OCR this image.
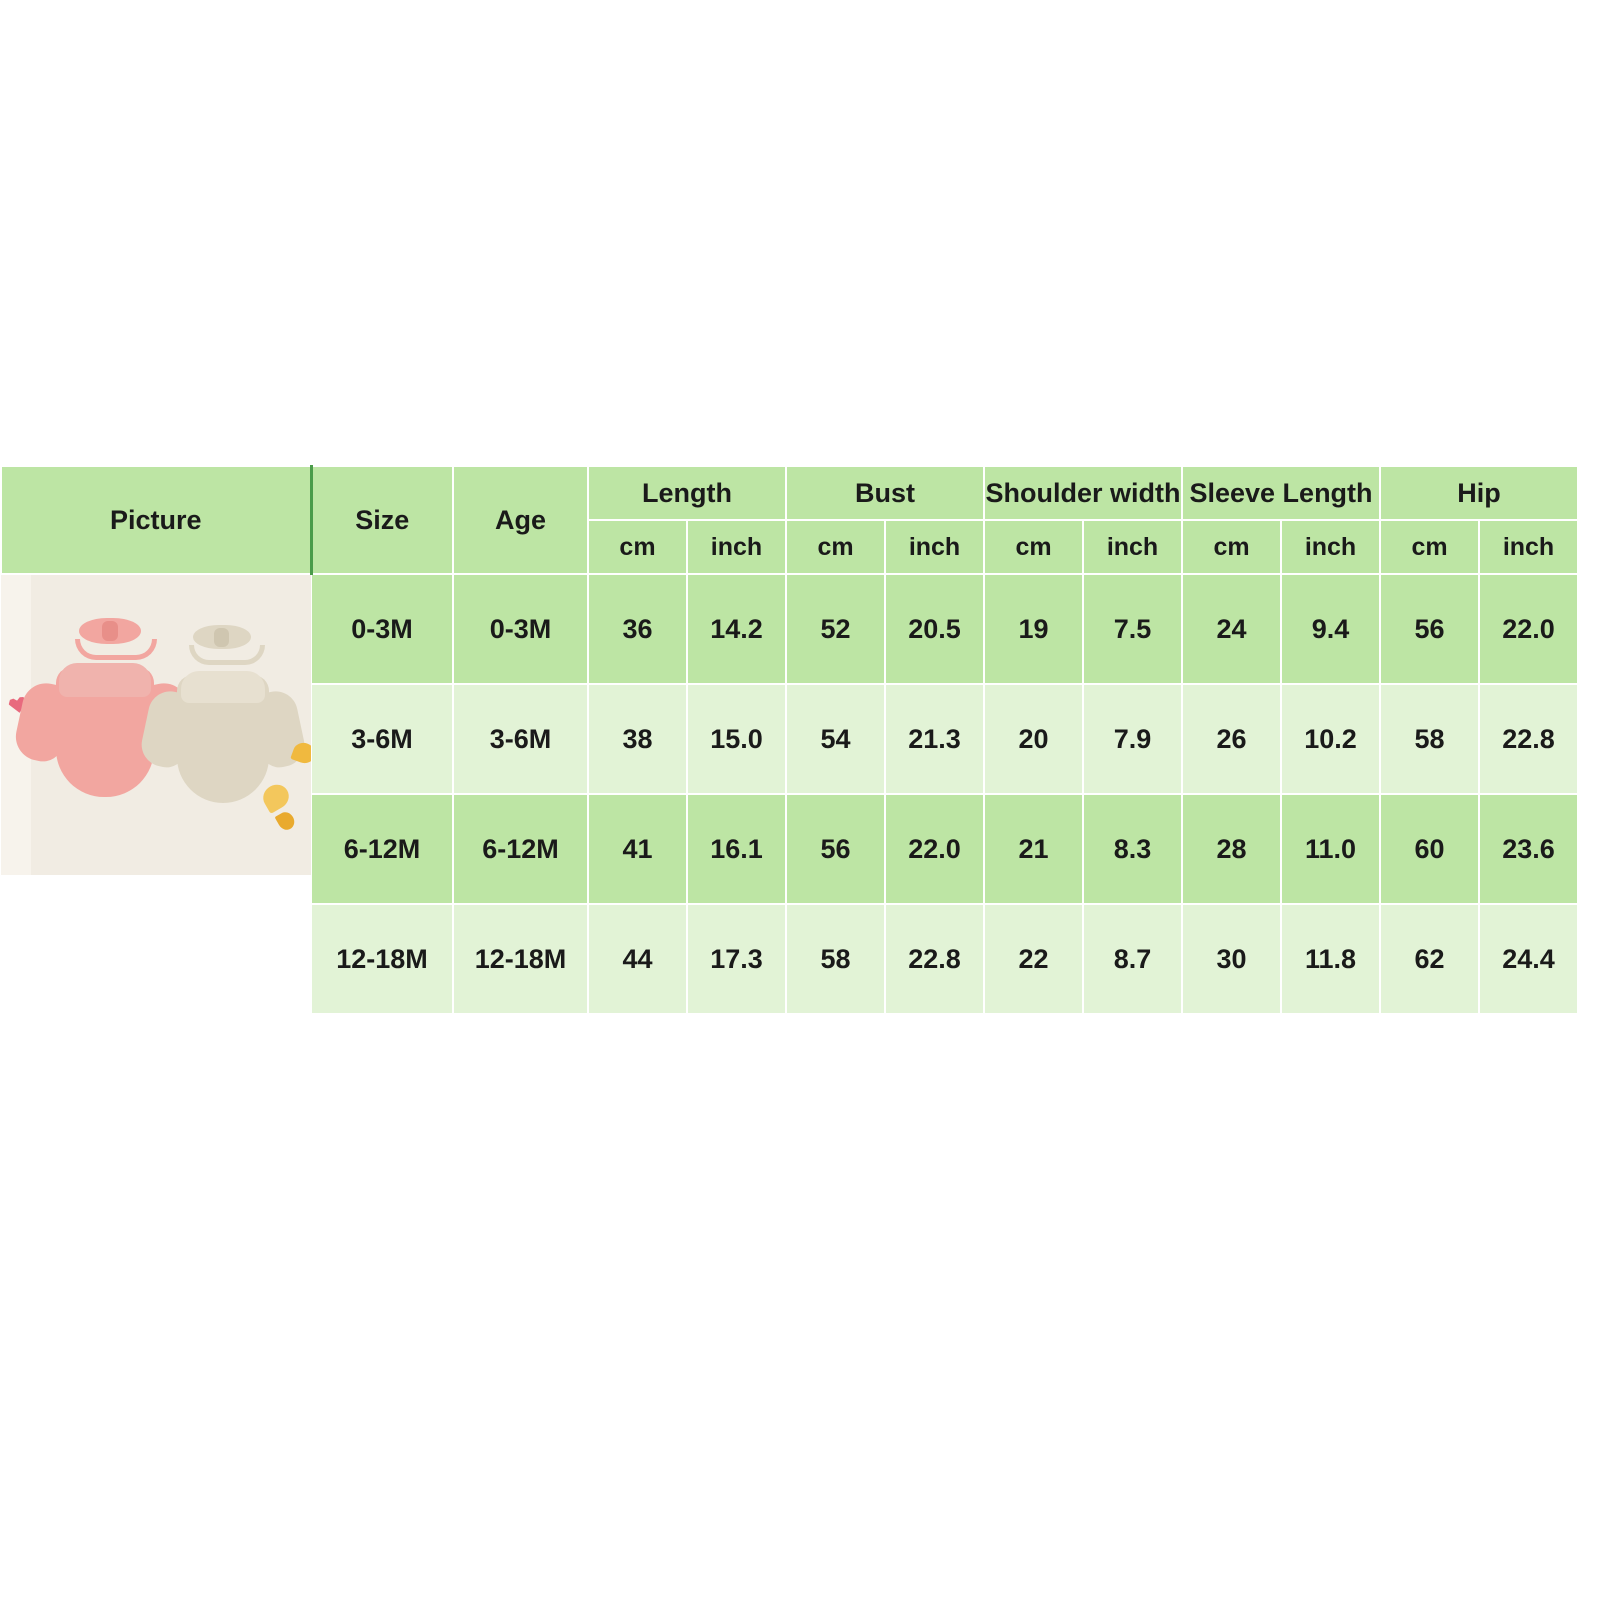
Picture	Size	Age	Length		Bust		Shoulder width		Sleeve Length		Hip	
			cm	inch	cm	inch	cm	inch	cm	inch	cm	inch

	0-3M	0-3M	36	14.2	52	20.5	19	7.5	24	9.4	56	22.0
	3-6M	3-6M	38	15.0	54	21.3	20	7.9	26	10.2	58	22.8
	6-12M	6-12M	41	16.1	56	22.0	21	8.3	28	11.0	60	23.6
	12-18M	12-18M	44	17.3	58	22.8	22	8.7	30	11.8	62	24.4
